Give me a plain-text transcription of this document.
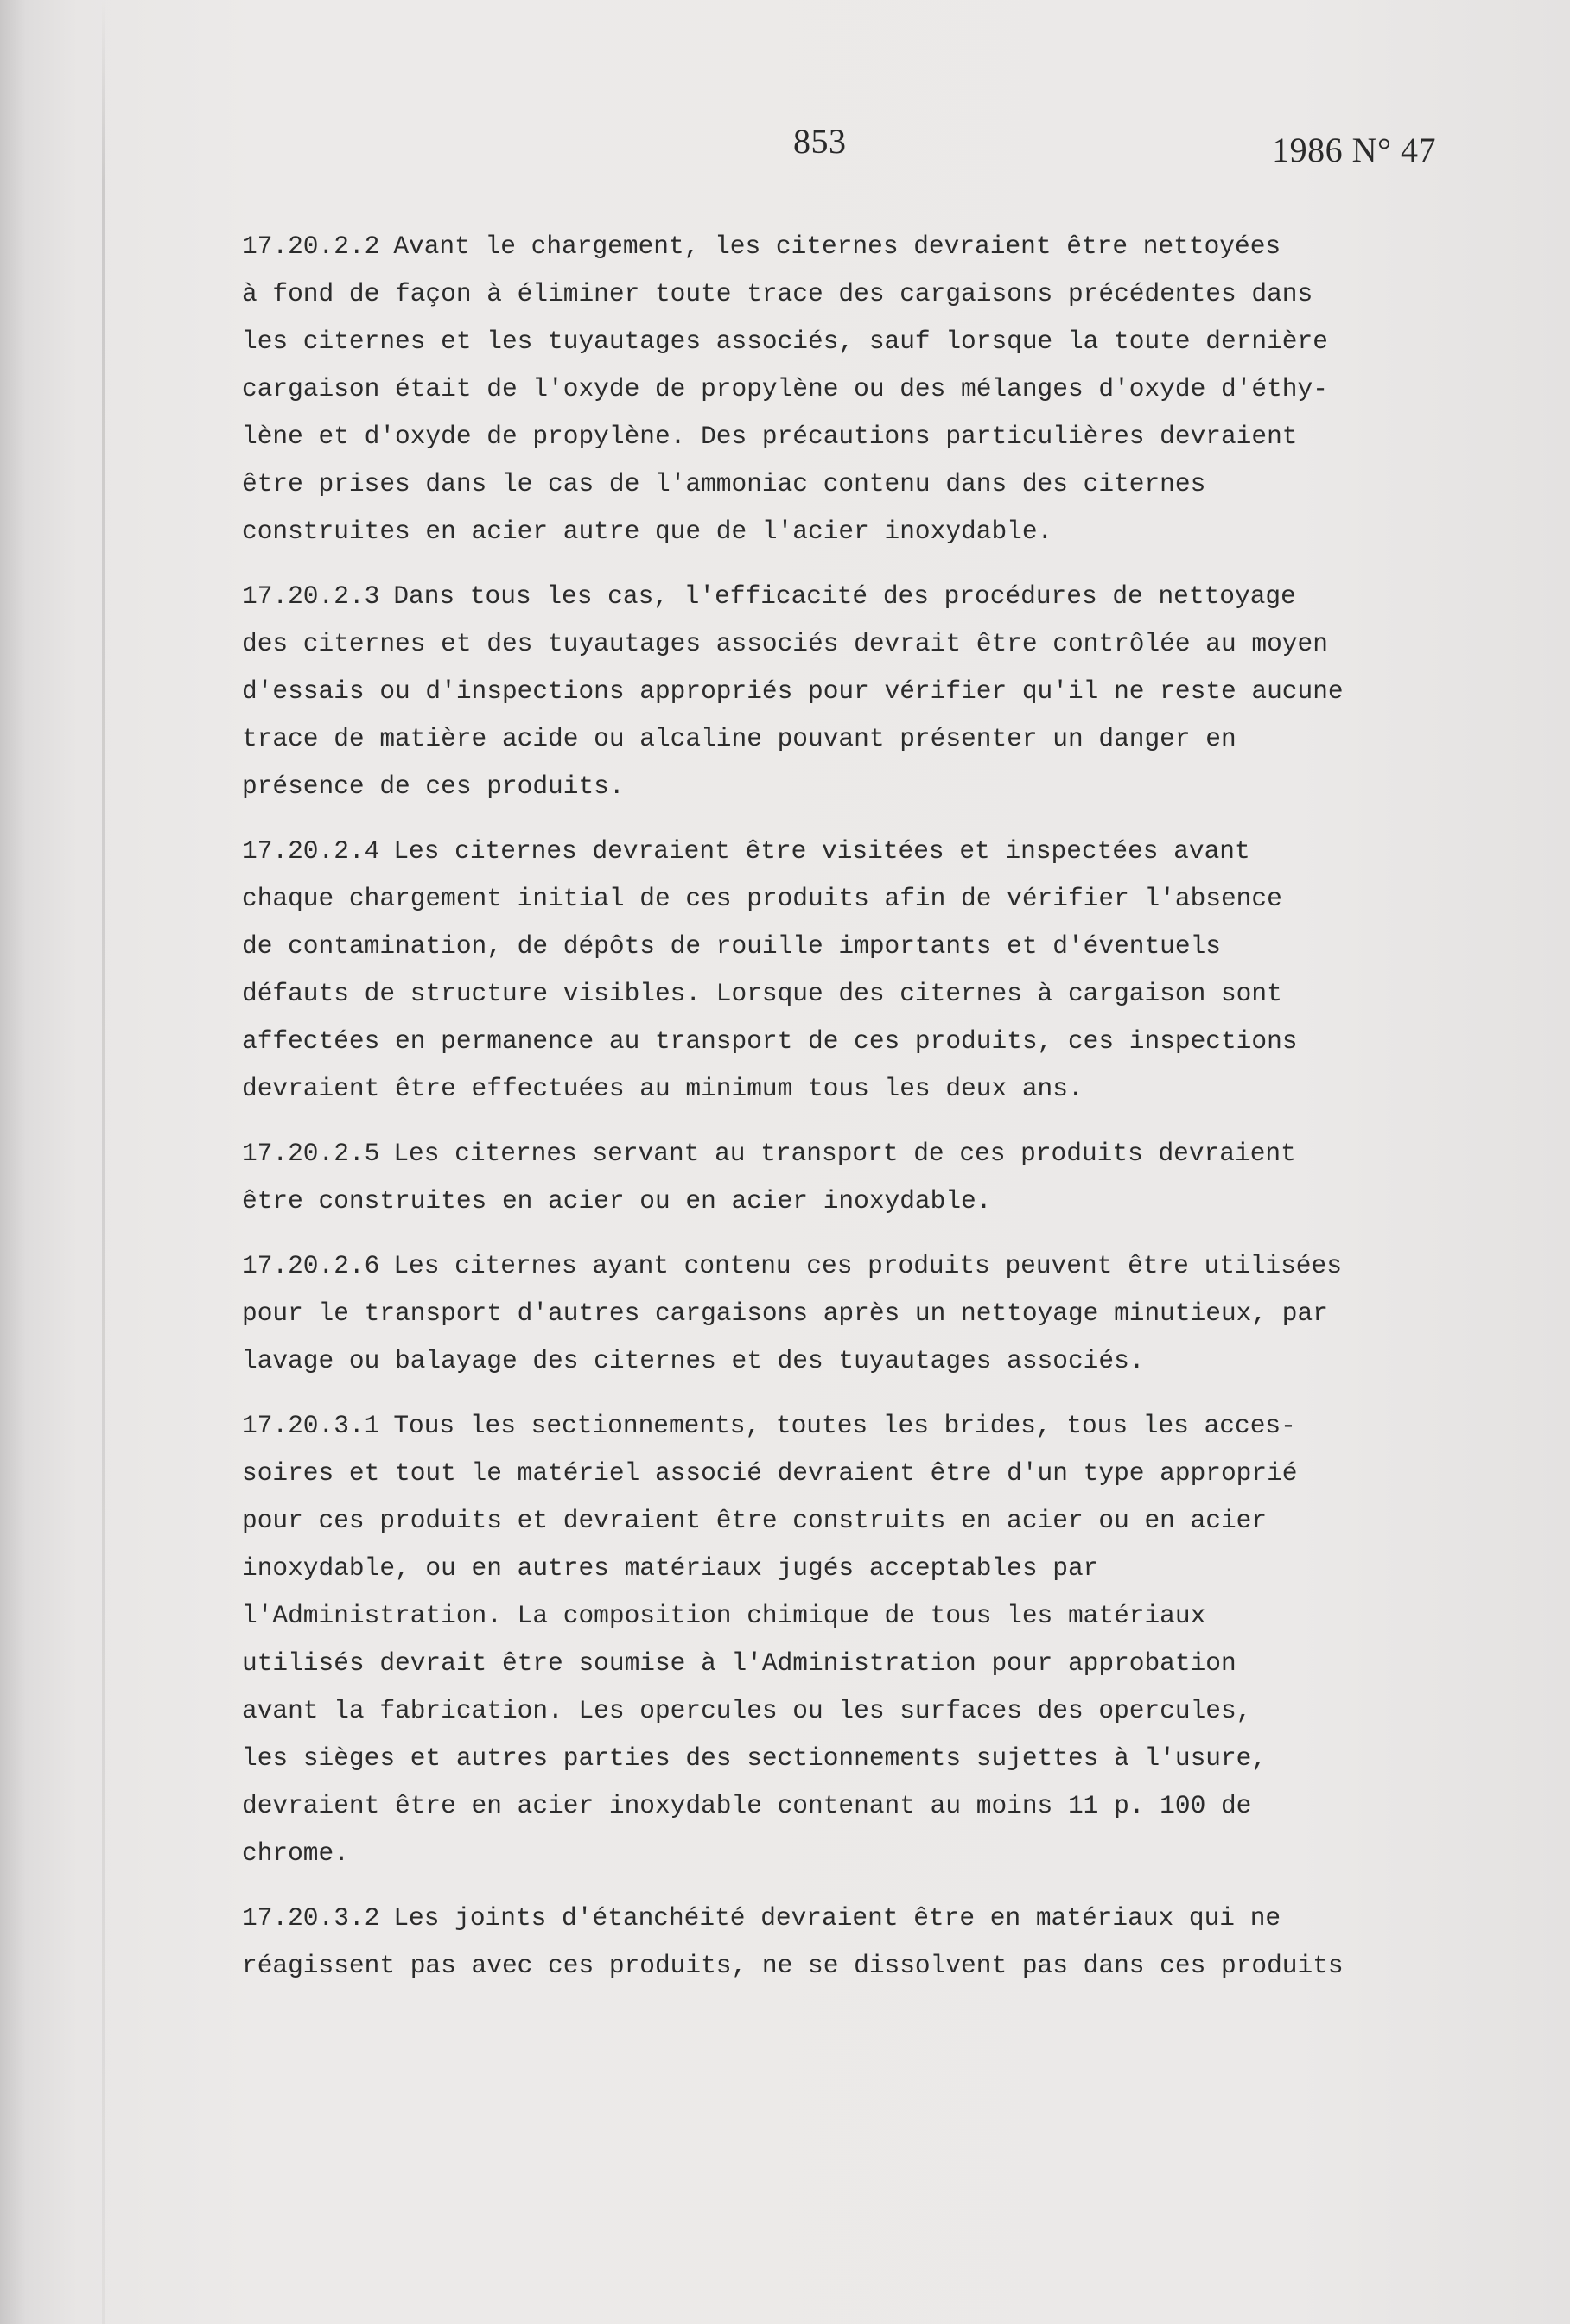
853	1986 N° 47

17.20.2.2 Avant le chargement, les citernes devraient être nettoyées
à fond de façon à éliminer toute trace des cargaisons précédentes dans
les citernes et les tuyautages associés, sauf lorsque la toute dernière
cargaison était de l'oxyde de propylène ou des mélanges d'oxyde d'éthy-
lène et d'oxyde de propylène. Des précautions particulières devraient
être prises dans le cas de l'ammoniac contenu dans des citernes
construites en acier autre que de l'acier inoxydable.

17.20.2.3 Dans tous les cas, l'efficacité des procédures de nettoyage
des citernes et des tuyautages associés devrait être contrôlée au moyen
d'essais ou d'inspections appropriés pour vérifier qu'il ne reste aucune
trace de matière acide ou alcaline pouvant présenter un danger en
présence de ces produits.

17.20.2.4 Les citernes devraient être visitées et inspectées avant
chaque chargement initial de ces produits afin de vérifier l'absence
de contamination, de dépôts de rouille importants et d'éventuels
défauts de structure visibles. Lorsque des citernes à cargaison sont
affectées en permanence au transport de ces produits, ces inspections
devraient être effectuées au minimum tous les deux ans.

17.20.2.5 Les citernes servant au transport de ces produits devraient
être construites en acier ou en acier inoxydable.

17.20.2.6 Les citernes ayant contenu ces produits peuvent être utilisées
pour le transport d'autres cargaisons après un nettoyage minutieux, par
lavage ou balayage des citernes et des tuyautages associés.

17.20.3.1 Tous les sectionnements, toutes les brides, tous les acces-
soires et tout le matériel associé devraient être d'un type approprié
pour ces produits et devraient être construits en acier ou en acier
inoxydable, ou en autres matériaux jugés acceptables par
l'Administration. La composition chimique de tous les matériaux
utilisés devrait être soumise à l'Administration pour approbation
avant la fabrication. Les opercules ou les surfaces des opercules,
les sièges et autres parties des sectionnements sujettes à l'usure,
devraient être en acier inoxydable contenant au moins 11 p. 100 de
chrome.

17.20.3.2 Les joints d'étanchéité devraient être en matériaux qui ne
réagissent pas avec ces produits, ne se dissolvent pas dans ces produits
